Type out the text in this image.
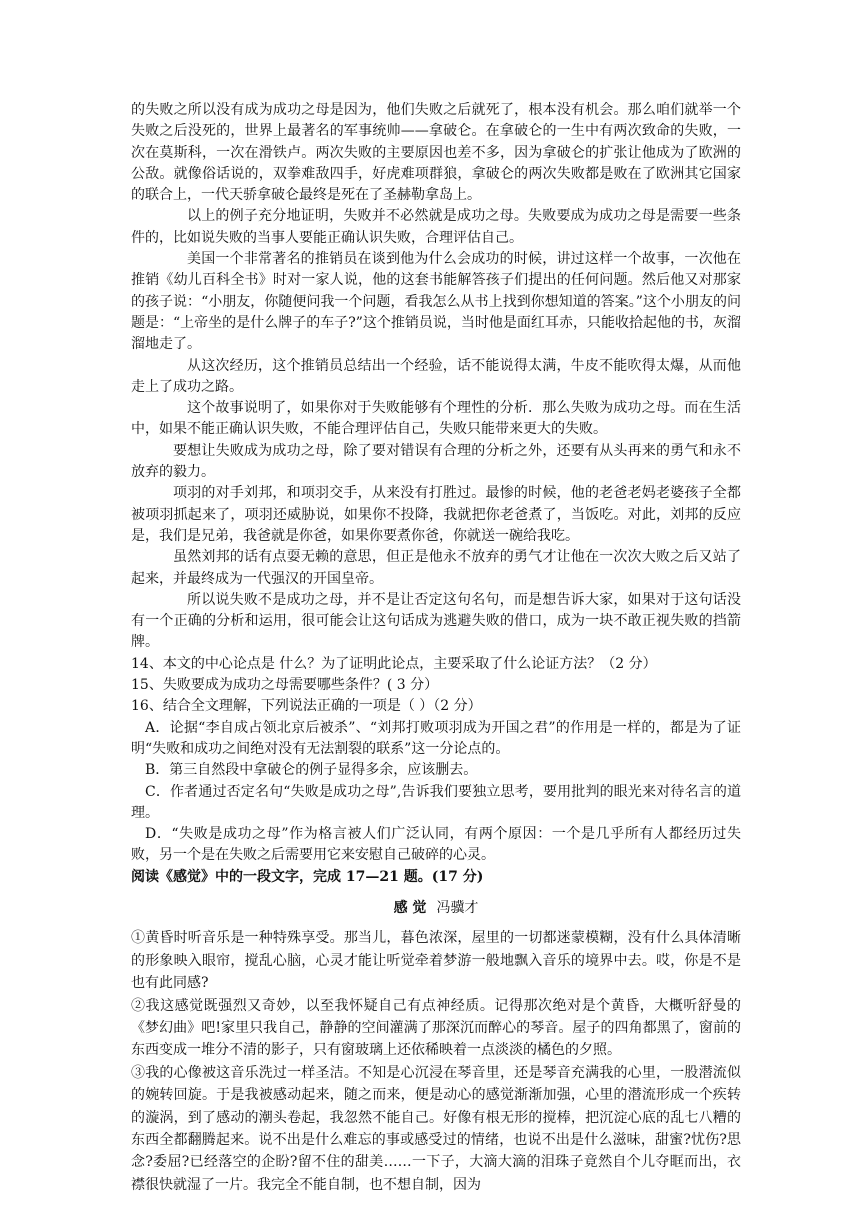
的失败之所以没有成为成功之母是因为，他们失败之后就死了，根本没有机会。那么咱们就举一个失败之后没死的，世界上最著名的军事统帅——拿破仑。在拿破仑的一生中有两次致命的失败，一次在莫斯科，一次在滑铁卢。两次失败的主要原因也差不多，因为拿破仑的扩张让他成为了欧洲的公敌。就像俗话说的，双拳难敌四手，好虎难项群狼，拿破仑的两次失败都是败在了欧洲其它国家的联合上，一代天骄拿破仑最终是死在了圣赫勒拿岛上。

以上的例子充分地证明，失败并不必然就是成功之母。失败要成为成功之母是需要一些条件的，比如说失败的当事人要能正确认识失败，合理评估自己。

美国一个非常著名的推销员在谈到他为什么会成功的时候，讲过这样一个故事，一次他在推销《幼儿百科全书》时对一家人说，他的这套书能解答孩子们提出的任何问题。然后他又对那家的孩子说：“小朋友，你随便问我一个问题，看我怎么从书上找到你想知道的答案。”这个小朋友的问题是：“上帝坐的是什么牌子的车子?”这个推销员说，当时他是面红耳赤，只能收拾起他的书，灰溜溜地走了。

从这次经历，这个推销员总结出一个经验，话不能说得太满，牛皮不能吹得太爆，从而他走上了成功之路。

这个故事说明了，如果你对于失败能够有个理性的分析．那么失败为成功之母。而在生活中，如果不能正确认识失败，不能合理评估自己，失败只能带来更大的失败。

要想让失败成为成功之母，除了要对错误有合理的分析之外，还要有从头再来的勇气和永不放弃的毅力。

项羽的对手刘邦，和项羽交手，从来没有打胜过。最惨的时候，他的老爸老妈老婆孩子全都被项羽抓起来了，项羽还威胁说，如果你不投降，我就把你老爸煮了，当饭吃。对此，刘邦的反应是，我们是兄弟，我爸就是你爸，如果你要煮你爸，你就送一碗给我吃。

虽然刘邦的话有点耍无赖的意思，但正是他永不放弃的勇气才让他在一次次大败之后又站了起来，并最终成为一代强汉的开国皇帝。

所以说失败不是成功之母，并不是让否定这句名句，而是想告诉大家，如果对于这句话没有一个正确的分析和运用，很可能会让这句话成为逃避失败的借口，成为一块不敢正视失败的挡箭牌。

14、本文的中心论点是 什么？为了证明此论点，主要采取了什么论证方法？（2 分）

15、失败要成为成功之母需要哪些条件？( 3 分）

16、结合全文理解，下列说法正确的一项是（ ）（2 分）

A．论据“李自成占领北京后被杀”、“刘邦打败项羽成为开国之君”的作用是一样的，都是为了证明“失败和成功之间绝对没有无法割裂的联系”这一分论点的。

B．第三自然段中拿破仑的例子显得多余，应该删去。

C．作者通过否定名句“失败是成功之母”,告诉我们要独立思考，要用批判的眼光来对待名言的道理。

D．“失败是成功之母”作为格言被人们广泛认同，有两个原因：一个是几乎所有人都经历过失败，另一个是在失败之后需要用它来安慰自己破碎的心灵。

阅读《感觉》中的一段文字，完成 17—21 题。(17 分)

感 觉 冯骥才

①黄昏时听音乐是一种特殊享受。那当儿，暮色浓深，屋里的一切都迷蒙模糊，没有什么具体清晰的形象映入眼帘，搅乱心脑，心灵才能让听觉牵着梦游一般地飘入音乐的境界中去。哎，你是不是也有此同感?

②我这感觉既强烈又奇妙，以至我怀疑自己有点神经质。记得那次绝对是个黄昏，大概听舒曼的《梦幻曲》吧!家里只我自己，静静的空间灌满了那深沉而醉心的琴音。屋子的四角都黑了，窗前的东西变成一堆分不清的影子，只有窗玻璃上还依稀映着一点淡淡的橘色的夕照。

③我的心像被这音乐洗过一样圣洁。不知是心沉浸在琴音里，还是琴音充满我的心里，一股潜流似的婉转回旋。于是我被感动起来，随之而来，便是动心的感觉渐渐加强，心里的潜流形成一个疾转的漩涡，到了感动的潮头卷起，我忽然不能自己。好像有根无形的搅棒，把沉淀心底的乱七八糟的东西全都翻腾起来。说不出是什么难忘的事或感受过的情绪，也说不出是什么滋味，甜蜜?忧伤?思念?委屈?已经落空的企盼?留不住的甜美……一下子，大滴大滴的泪珠子竟然自个儿夺眶而出，衣襟很快就湿了一片。我完全不能自制，也不想自制，因为
